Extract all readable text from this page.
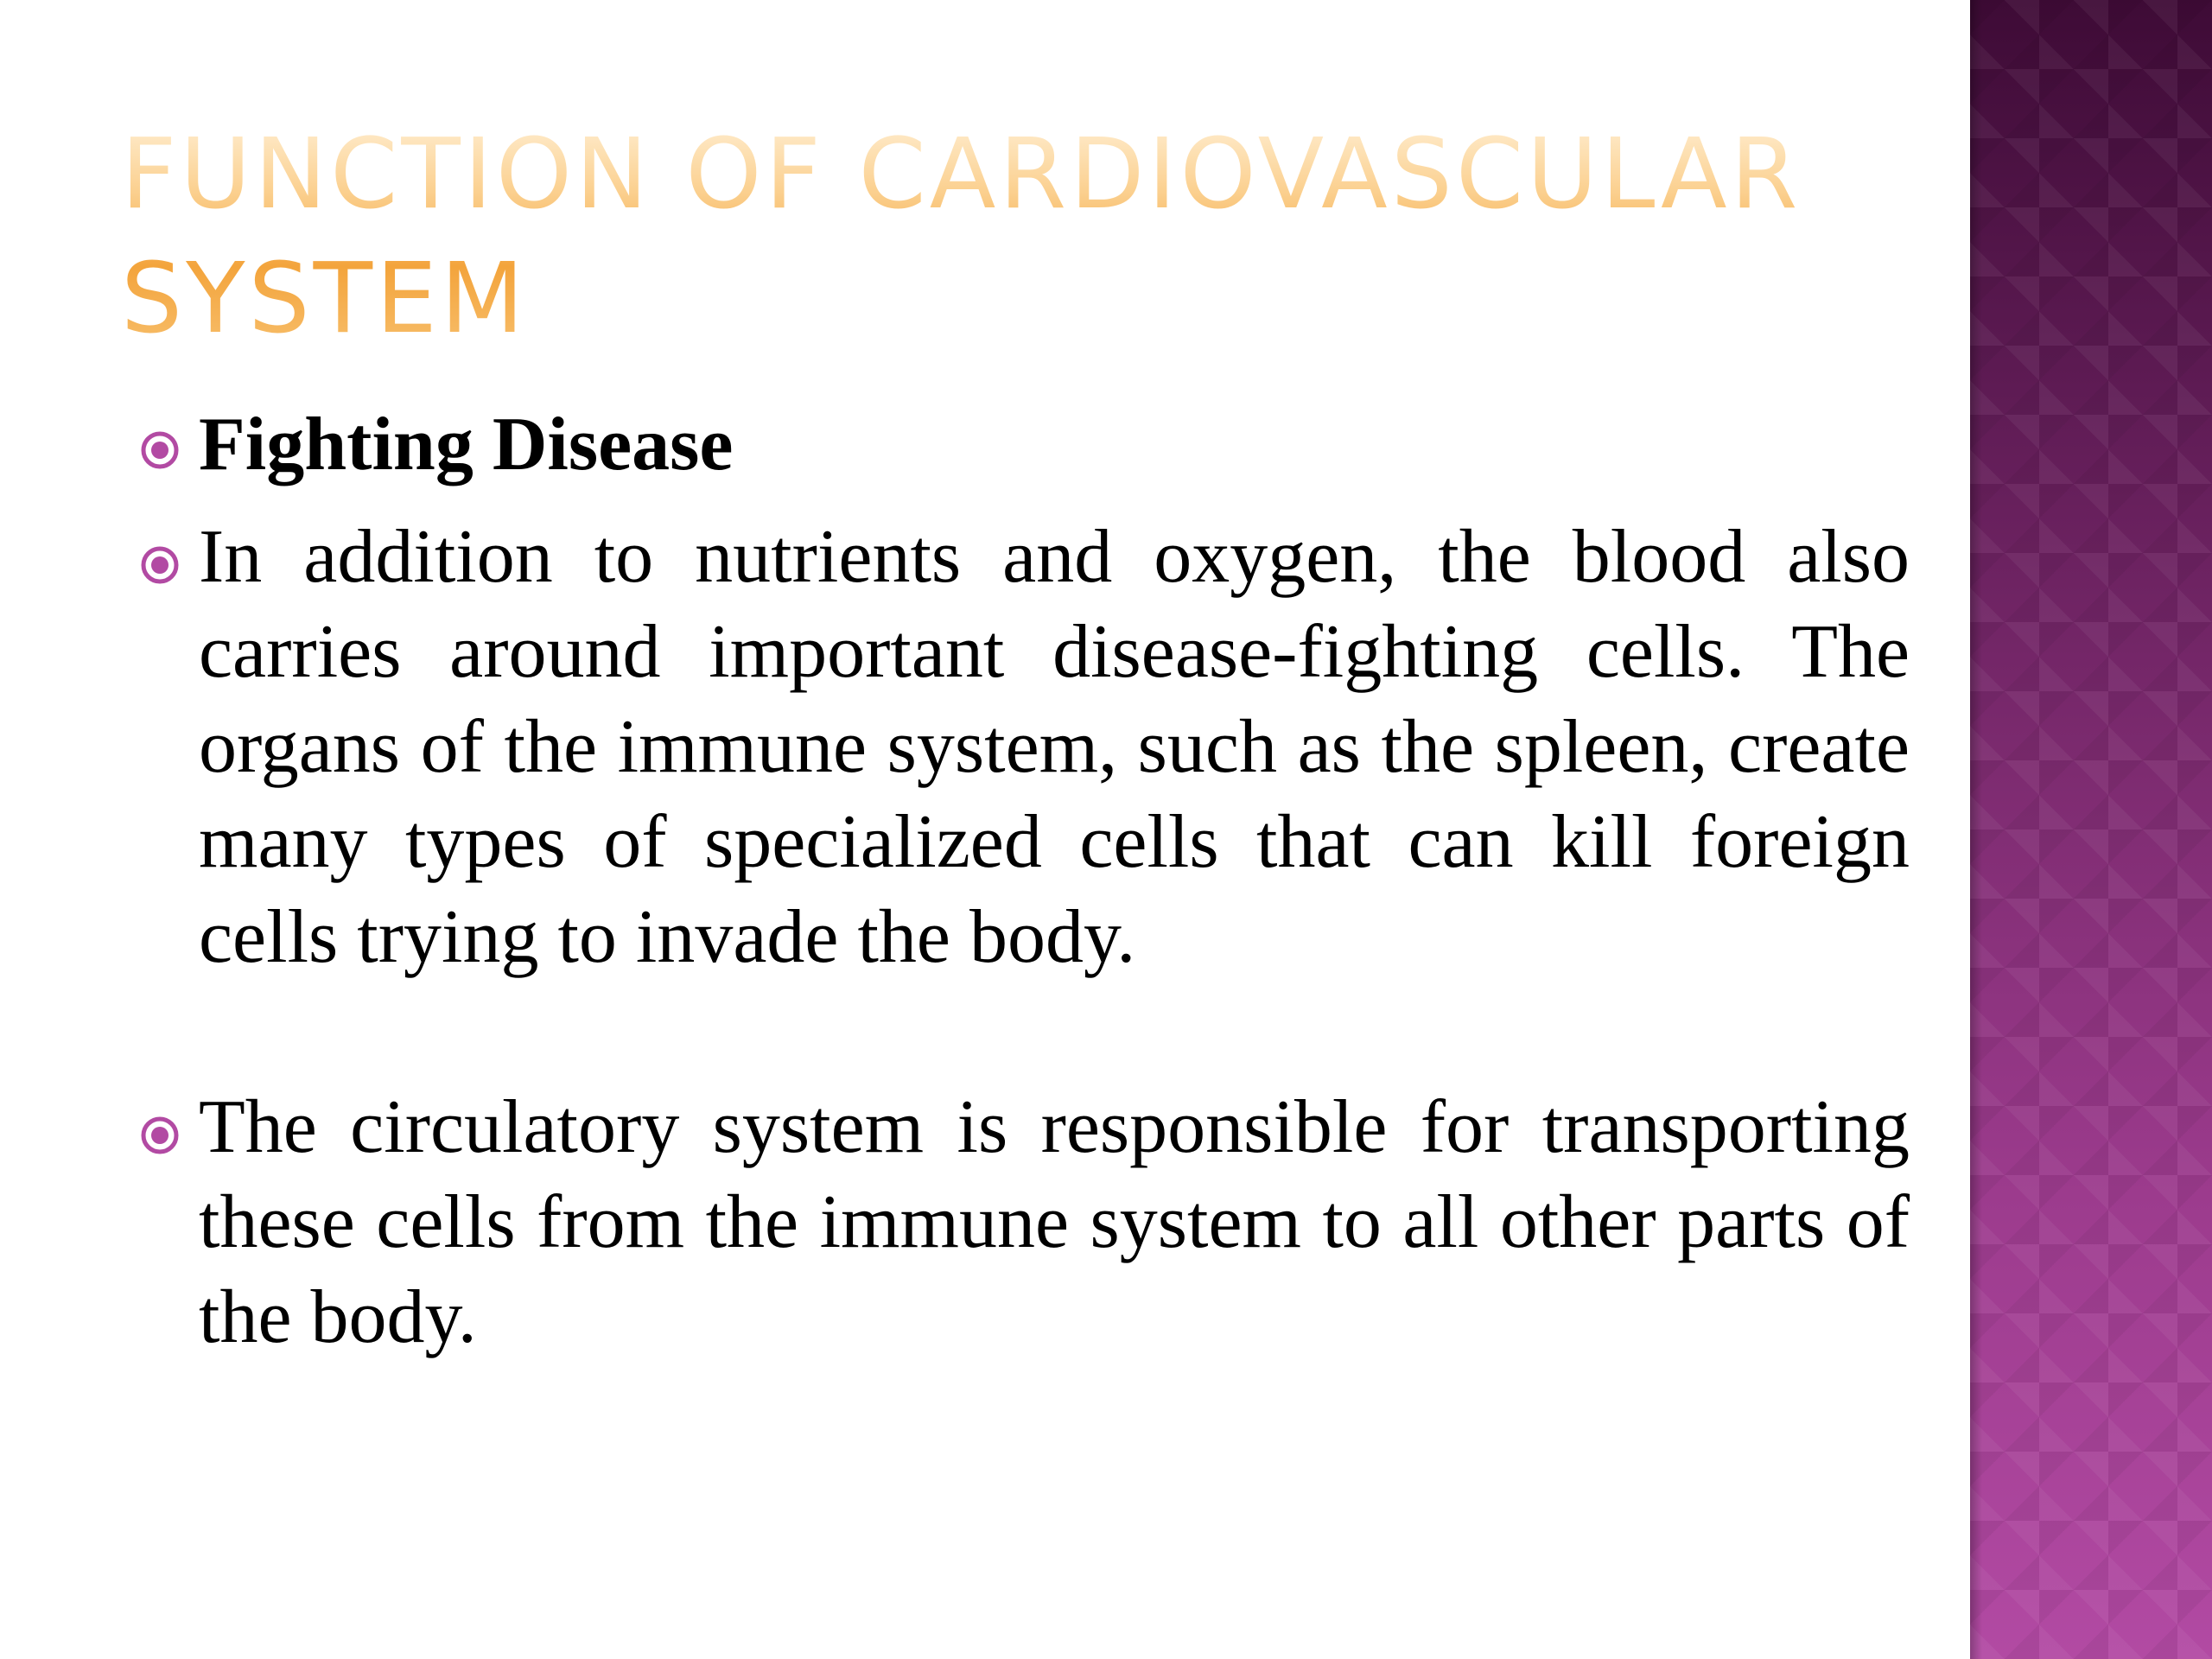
FUNCTION OF CARDIOVASCULAR
SYSTEM
Fighting Disease
In addition to nutrients and oxygen, the blood also carries around important disease-fighting cells. The organs of the immune system, such as the spleen, create many types of specialized cells that can kill foreign cells trying to invade the body.
The circulatory system is responsible for transporting these cells from the immune system to all other parts of the body.
